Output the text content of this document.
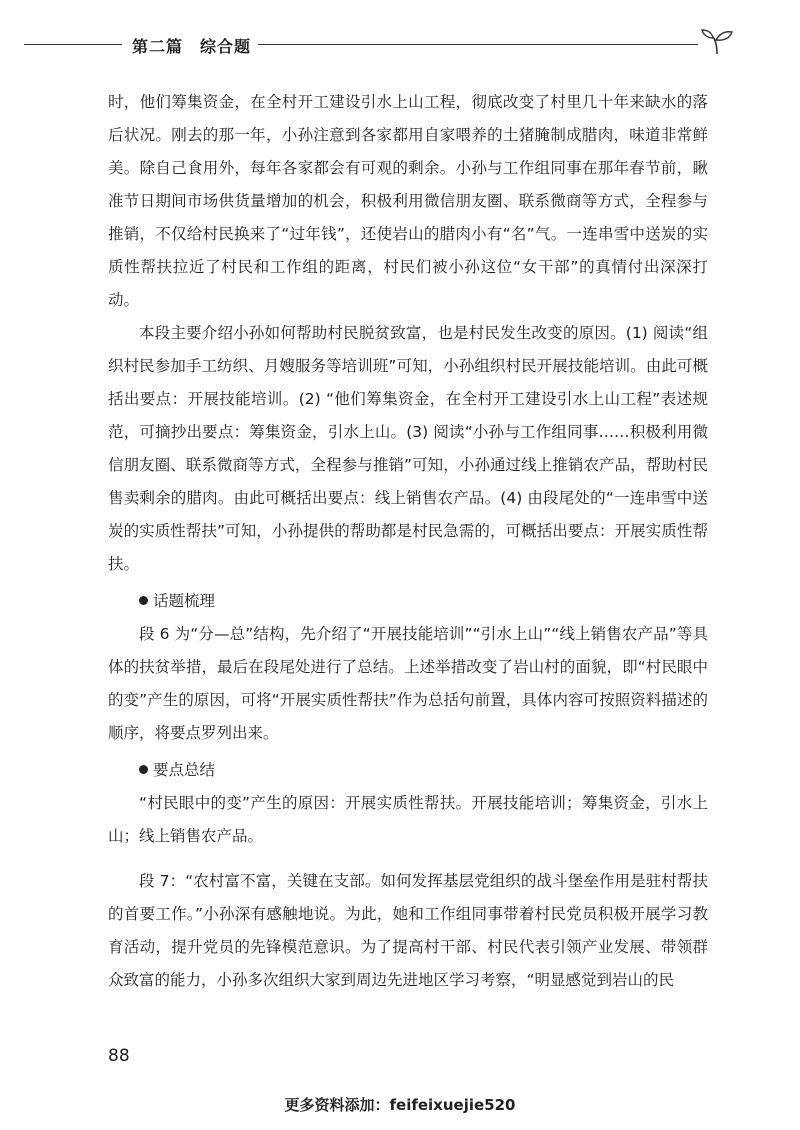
第二篇　综合题

时，他们筹集资金，在全村开工建设引水上山工程，彻底改变了村里几十年来缺水的落后状况。刚去的那一年，小孙注意到各家都用自家喂养的土猪腌制成腊肉，味道非常鲜美。除自己食用外，每年各家都会有可观的剩余。小孙与工作组同事在那年春节前，瞅准节日期间市场供货量增加的机会，积极利用微信朋友圈、联系微商等方式，全程参与推销，不仅给村民换来了“过年钱”，还使岩山的腊肉小有“名”气。一连串雪中送炭的实质性帮扶拉近了村民和工作组的距离，村民们被小孙这位“女干部”的真情付出深深打动。

本段主要介绍小孙如何帮助村民脱贫致富，也是村民发生改变的原因。(1) 阅读“组织村民参加手工纺织、月嫂服务等培训班”可知，小孙组织村民开展技能培训。由此可概括出要点：开展技能培训。(2) “他们筹集资金，在全村开工建设引水上山工程”表述规范，可摘抄出要点：筹集资金，引水上山。(3) 阅读“小孙与工作组同事……积极利用微信朋友圈、联系微商等方式，全程参与推销”可知，小孙通过线上推销农产品，帮助村民售卖剩余的腊肉。由此可概括出要点：线上销售农产品。(4) 由段尾处的“一连串雪中送炭的实质性帮扶”可知，小孙提供的帮助都是村民急需的，可概括出要点：开展实质性帮扶。

话题梳理

段 6 为“分—总”结构，先介绍了“开展技能培训”“引水上山”“线上销售农产品”等具体的扶贫举措，最后在段尾处进行了总结。上述举措改变了岩山村的面貌，即“村民眼中的变”产生的原因，可将“开展实质性帮扶”作为总括句前置，具体内容可按照资料描述的顺序，将要点罗列出来。

要点总结

“村民眼中的变”产生的原因：开展实质性帮扶。开展技能培训；筹集资金，引水上山；线上销售农产品。

段 7：“农村富不富，关键在支部。如何发挥基层党组织的战斗堡垒作用是驻村帮扶的首要工作。”小孙深有感触地说。为此，她和工作组同事带着村民党员积极开展学习教育活动，提升党员的先锋模范意识。为了提高村干部、村民代表引领产业发展、带领群众致富的能力，小孙多次组织大家到周边先进地区学习考察，“明显感觉到岩山的民

88
更多资料添加：feifeixuejie520
